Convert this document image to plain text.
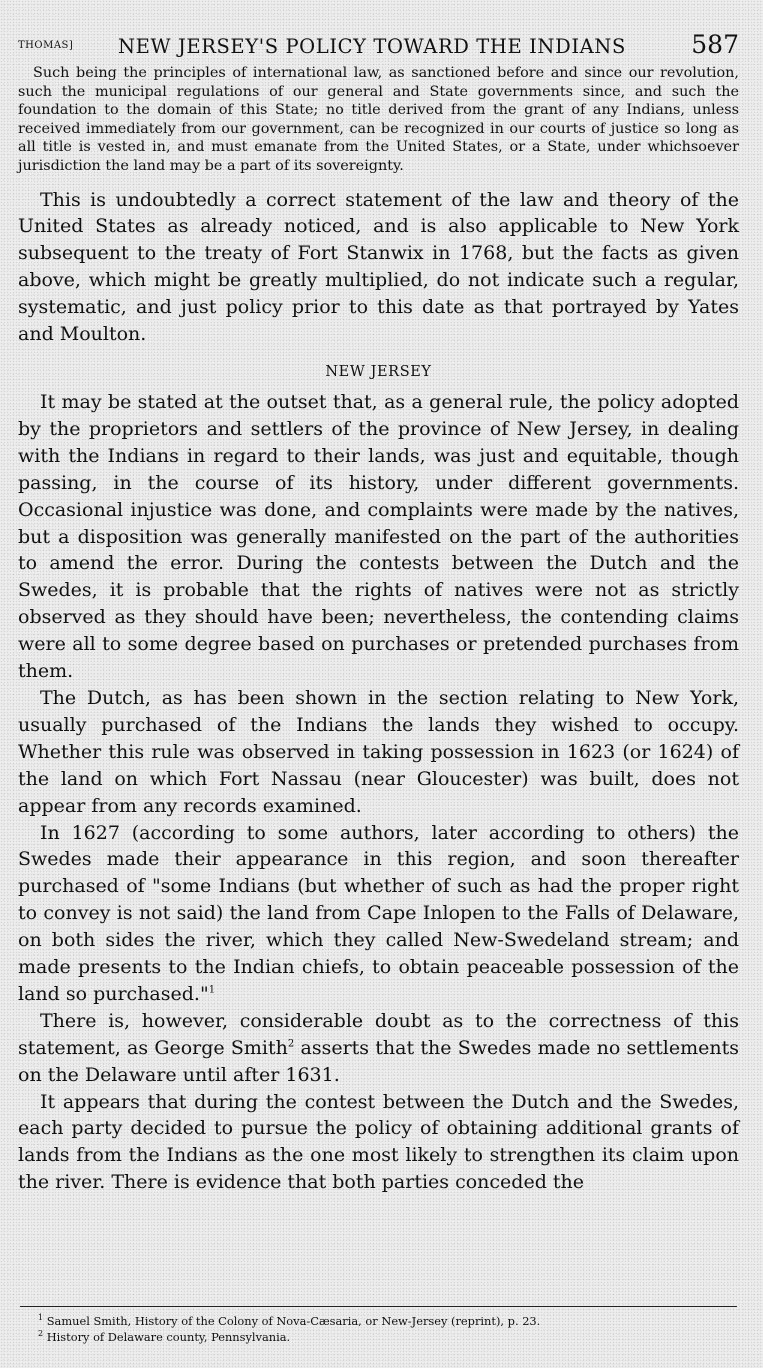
THOMAS] NEW JERSEY'S POLICY TOWARD THE INDIANS	587
Such being the principles of international law, as sanctioned before and since our revolution, such the municipal regulations of our general and State governments since, and such the foundation to the domain of this State; no title derived from the grant of any Indians, unless received immediately from our government, can be recognized in our courts of justice so long as all title is vested in, and must emanate from the United States, or a State, under whichsoever jurisdiction the land may be a part of its sovereignty.

This is undoubtedly a correct statement of the law and theory of the United States as already noticed, and is also applicable to New York subsequent to the treaty of Fort Stanwix in 1768, but the facts as given above, which might be greatly multiplied, do not indicate such a regular, systematic, and just policy prior to this date as that portrayed by Yates and Moulton.

NEW JERSEY

It may be stated at the outset that, as a general rule, the policy adopted by the proprietors and settlers of the province of New Jersey, in dealing with the Indians in regard to their lands, was just and equitable, though passing, in the course of its history, under different governments. Occasional injustice was done, and complaints were made by the natives, but a disposition was generally manifested on the part of the authorities to amend the error. During the contests between the Dutch and the Swedes, it is probable that the rights of natives were not as strictly observed as they should have been; nevertheless, the contending claims were all to some degree based on purchases or pretended purchases from them.

The Dutch, as has been shown in the section relating to New York, usually purchased of the Indians the lands they wished to occupy. Whether this rule was observed in taking possession in 1623 (or 1624) of the land on which Fort Nassau (near Gloucester) was built, does not appear from any records examined.

In 1627 (according to some authors, later according to others) the Swedes made their appearance in this region, and soon thereafter purchased of "some Indians (but whether of such as had the proper right to convey is not said) the land from Cape Inlopen to the Falls of Delaware, on both sides the river, which they called New-Swedeland stream; and made presents to the Indian chiefs, to obtain peaceable possession of the land so purchased."$^1$

There is, however, considerable doubt as to the correctness of this statement, as George Smith$^2$ asserts that the Swedes made no settlements on the Delaware until after 1631.

It appears that during the contest between the Dutch and the Swedes, each party decided to pursue the policy of obtaining additional grants of lands from the Indians as the one most likely to strengthen its claim upon the river. There is evidence that both parties conceded the

$^1$ Samuel Smith, History of the Colony of Nova-Cæsaria, or New-Jersey (reprint), p. 23.
$^2$ History of Delaware county, Pennsylvania.
